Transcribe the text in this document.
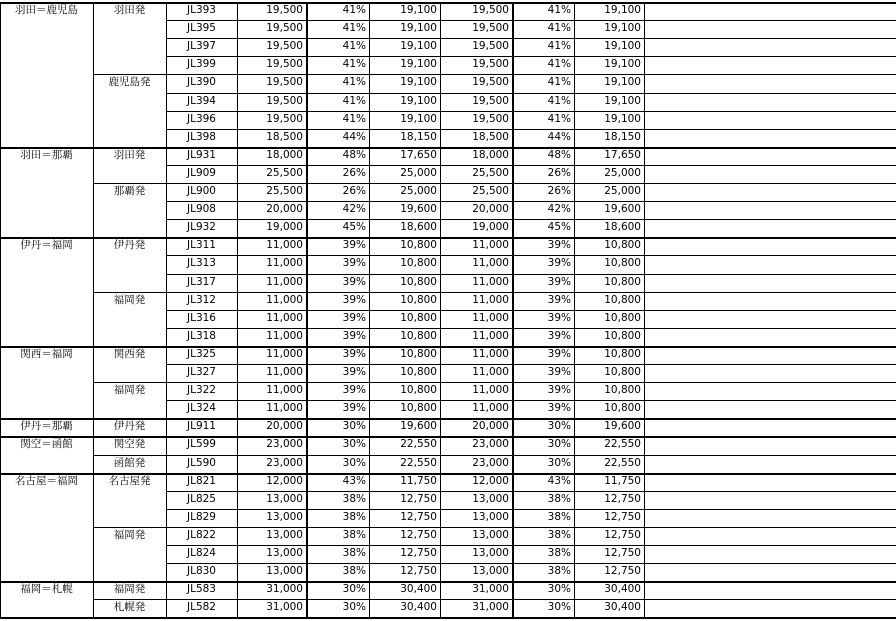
羽田＝鹿児島	羽田発	JL393	19,500	41%	19,100	19,500	41%	19,100
JL395	19,500	41%	19,100	19,500	41%	19,100
JL397	19,500	41%	19,100	19,500	41%	19,100
JL399	19,500	41%	19,100	19,500	41%	19,100
鹿児島発	JL390	19,500	41%	19,100	19,500	41%	19,100
JL394	19,500	41%	19,100	19,500	41%	19,100
JL396	19,500	41%	19,100	19,500	41%	19,100
JL398	18,500	44%	18,150	18,500	44%	18,150
羽田＝那覇	羽田発	JL931	18,000	48%	17,650	18,000	48%	17,650
JL909	25,500	26%	25,000	25,500	26%	25,000
那覇発	JL900	25,500	26%	25,000	25,500	26%	25,000
JL908	20,000	42%	19,600	20,000	42%	19,600
JL932	19,000	45%	18,600	19,000	45%	18,600
伊丹＝福岡	伊丹発	JL311	11,000	39%	10,800	11,000	39%	10,800
JL313	11,000	39%	10,800	11,000	39%	10,800
JL317	11,000	39%	10,800	11,000	39%	10,800
福岡発	JL312	11,000	39%	10,800	11,000	39%	10,800
JL316	11,000	39%	10,800	11,000	39%	10,800
JL318	11,000	39%	10,800	11,000	39%	10,800
関西＝福岡	関西発	JL325	11,000	39%	10,800	11,000	39%	10,800
JL327	11,000	39%	10,800	11,000	39%	10,800
福岡発	JL322	11,000	39%	10,800	11,000	39%	10,800
JL324	11,000	39%	10,800	11,000	39%	10,800
伊丹＝那覇	伊丹発	JL911	20,000	30%	19,600	20,000	30%	19,600
関空＝函館	関空発	JL599	23,000	30%	22,550	23,000	30%	22,550
函館発	JL590	23,000	30%	22,550	23,000	30%	22,550
名古屋＝福岡	名古屋発	JL821	12,000	43%	11,750	12,000	43%	11,750
JL825	13,000	38%	12,750	13,000	38%	12,750
JL829	13,000	38%	12,750	13,000	38%	12,750
福岡発	JL822	13,000	38%	12,750	13,000	38%	12,750
JL824	13,000	38%	12,750	13,000	38%	12,750
JL830	13,000	38%	12,750	13,000	38%	12,750
福岡＝札幌	福岡発	JL583	31,000	30%	30,400	31,000	30%	30,400
札幌発	JL582	31,000	30%	30,400	31,000	30%	30,400
